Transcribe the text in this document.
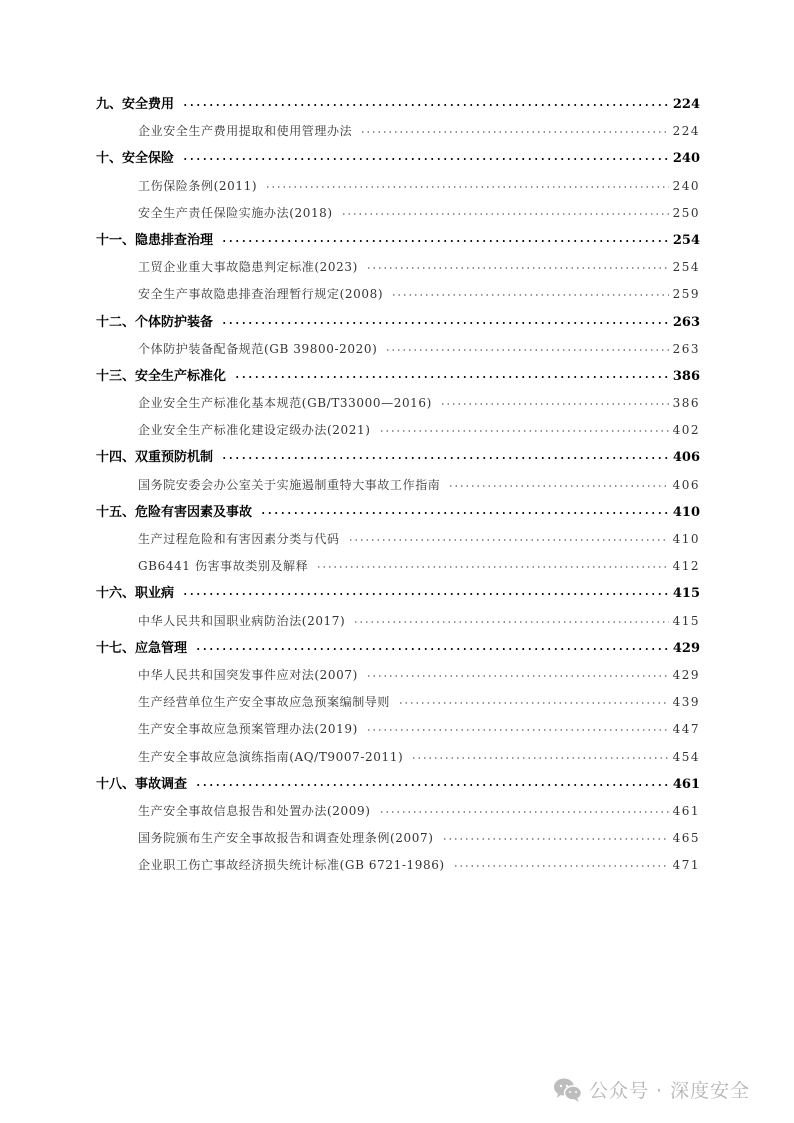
九、安全费用	224
企业安全生产费用提取和使用管理办法	224
十、安全保险	240
工伤保险条例(2011)	240
安全生产责任保险实施办法(2018)	250
十一、隐患排查治理	254
工贸企业重大事故隐患判定标准(2023)	254
安全生产事故隐患排查治理暂行规定(2008)	259
十二、个体防护装备	263
个体防护装备配备规范(GB 39800-2020)	263
十三、安全生产标准化	386
企业安全生产标准化基本规范(GB/T33000—2016)	386
企业安全生产标准化建设定级办法(2021)	402
十四、双重预防机制	406
国务院安委会办公室关于实施遏制重特大事故工作指南	406
十五、危险有害因素及事故	410
生产过程危险和有害因素分类与代码	410
GB6441 伤害事故类别及解释	412
十六、职业病	415
中华人民共和国职业病防治法(2017)	415
十七、应急管理	429
中华人民共和国突发事件应对法(2007)	429
生产经营单位生产安全事故应急预案编制导则	439
生产安全事故应急预案管理办法(2019)	447
生产安全事故应急演练指南(AQ/T9007-2011)	454
十八、事故调查	461
生产安全事故信息报告和处置办法(2009)	461
国务院颁布生产安全事故报告和调查处理条例(2007)	465
企业职工伤亡事故经济损失统计标准(GB 6721-1986)	471
公众号 · 深度安全
